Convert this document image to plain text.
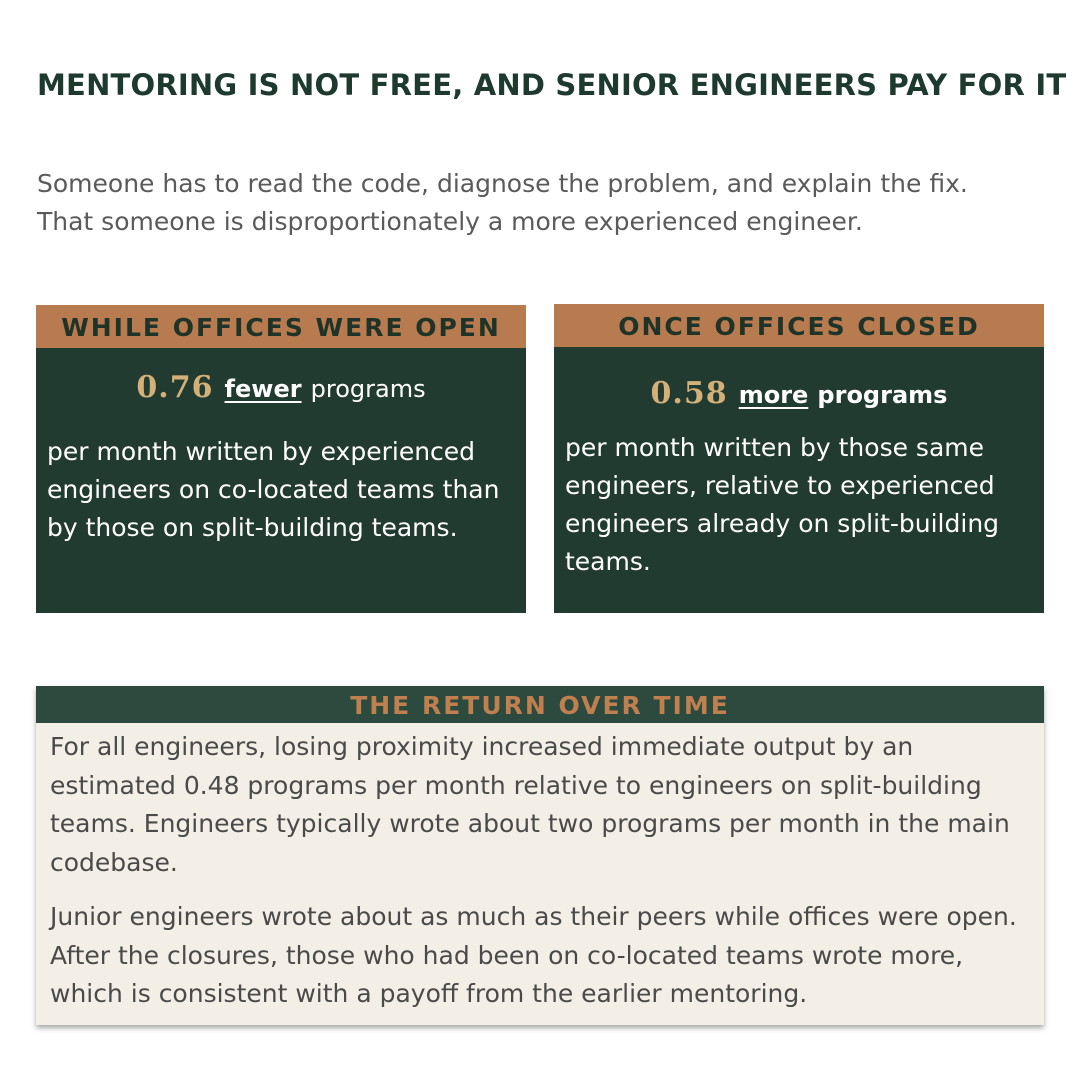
MENTORING IS NOT FREE, AND SENIOR ENGINEERS PAY FOR IT

Someone has to read the code, diagnose the problem, and explain the fix.

That someone is disproportionately a more experienced engineer.

WHILE OFFICES WERE OPEN
0.76 fewer programs
per month written by experienced engineers on co-located teams than by those on split-building teams.
ONCE OFFICES CLOSED
0.58 more programs
per month written by those same engineers, relative to experienced engineers already on split-building teams.
THE RETURN OVER TIME

For all engineers, losing proximity increased immediate output by an estimated 0.48 programs per month relative to engineers on split-building teams. Engineers typically wrote about two programs per month in the main codebase.

Junior engineers wrote about as much as their peers while offices were open. After the closures, those who had been on co-located teams wrote more, which is consistent with a payoff from the earlier mentoring.
